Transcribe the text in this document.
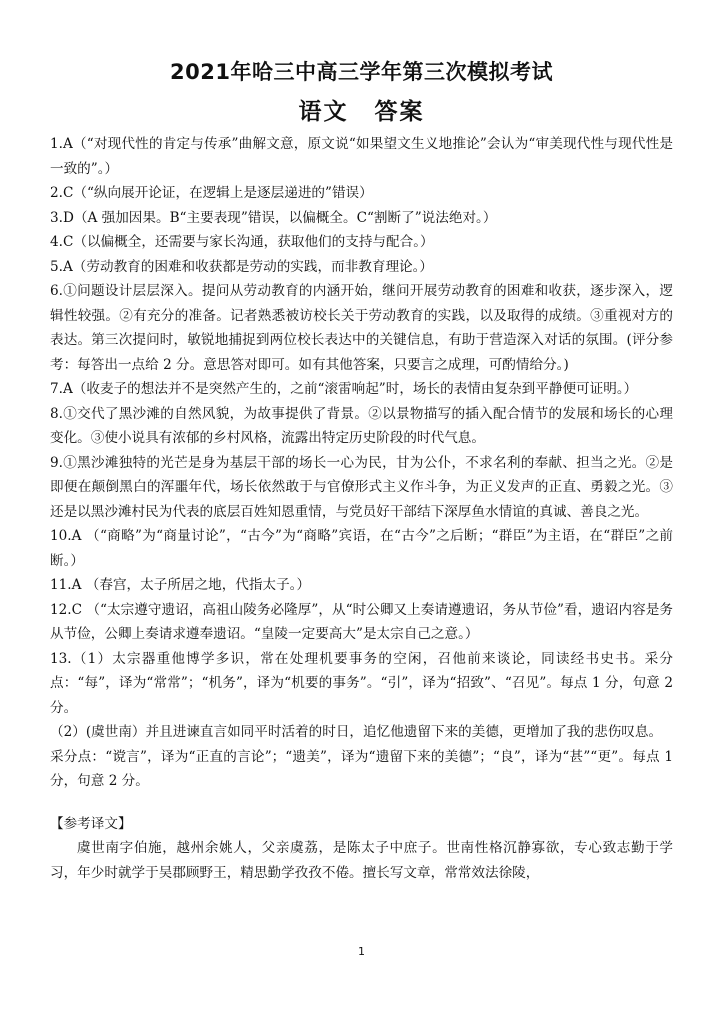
2021年哈三中高三学年第三次模拟考试
语文 答案

1.A（“对现代性的肯定与传承”曲解文意，原文说“如果望文生义地推论”会认为“审美现代性与现代性是一致的”。）

2.C（“纵向展开论证，在逻辑上是逐层递进的”错误）

3.D（A 强加因果。B“主要表现”错误，以偏概全。C“割断了”说法绝对。）

4.C（以偏概全，还需要与家长沟通，获取他们的支持与配合。）

5.A（劳动教育的困难和收获都是劳动的实践，而非教育理论。）

6.①问题设计层层深入。提问从劳动教育的内涵开始，继问开展劳动教育的困难和收获，逐步深入，逻辑性较强。②有充分的准备。记者熟悉被访校长关于劳动教育的实践，以及取得的成绩。③重视对方的表达。第三次提问时，敏锐地捕捉到两位校长表达中的关键信息，有助于营造深入对话的氛围。(评分参考：每答出一点给 2 分。意思答对即可。如有其他答案，只要言之成理，可酌情给分。)

7.A（收麦子的想法并不是突然产生的，之前“滚雷响起”时，场长的表情由复杂到平静便可证明。）

8.①交代了黑沙滩的自然风貌，为故事提供了背景。②以景物描写的插入配合情节的发展和场长的心理变化。③使小说具有浓郁的乡村风格，流露出特定历史阶段的时代气息。

9.①黑沙滩独特的光芒是身为基层干部的场长一心为民，甘为公仆，不求名利的奉献、担当之光。②是即便在颠倒黑白的浑噩年代，场长依然敢于与官僚形式主义作斗争，为正义发声的正直、勇毅之光。③还是以黑沙滩村民为代表的底层百姓知恩重情，与党员好干部结下深厚鱼水情谊的真诚、善良之光。

10.A （“商略”为“商量讨论”，“古今”为“商略”宾语，在“古今”之后断；“群臣”为主语，在“群臣”之前断。）

11.A （春宫，太子所居之地，代指太子。）

12.C （“太宗遵守遗诏，高祖山陵务必隆厚”，从“时公卿又上奏请遵遗诏，务从节俭”看，遗诏内容是务从节俭，公卿上奏请求遵奉遗诏。“皇陵一定要高大”是太宗自己之意。）

13.（1）太宗器重他博学多识，常在处理机要事务的空闲，召他前来谈论，同读经书史书。采分点：“每”，译为“常常”；“机务”，译为“机要的事务”。“引”，译为“招致”、“召见”。每点 1 分，句意 2 分。

（2）(虞世南）并且进谏直言如同平时活着的时日，追忆他遗留下来的美德，更增加了我的悲伤叹息。

采分点：“谠言”，译为“正直的言论”；“遗美”，译为“遗留下来的美德”；“良”，译为“甚”“更”。每点 1 分，句意 2 分。

【参考译文】

虞世南字伯施，越州余姚人，父亲虞荔，是陈太子中庶子。世南性格沉静寡欲，专心致志勤于学习，年少时就学于吴郡顾野王，精思勤学孜孜不倦。擅长写文章，常常效法徐陵，

1
